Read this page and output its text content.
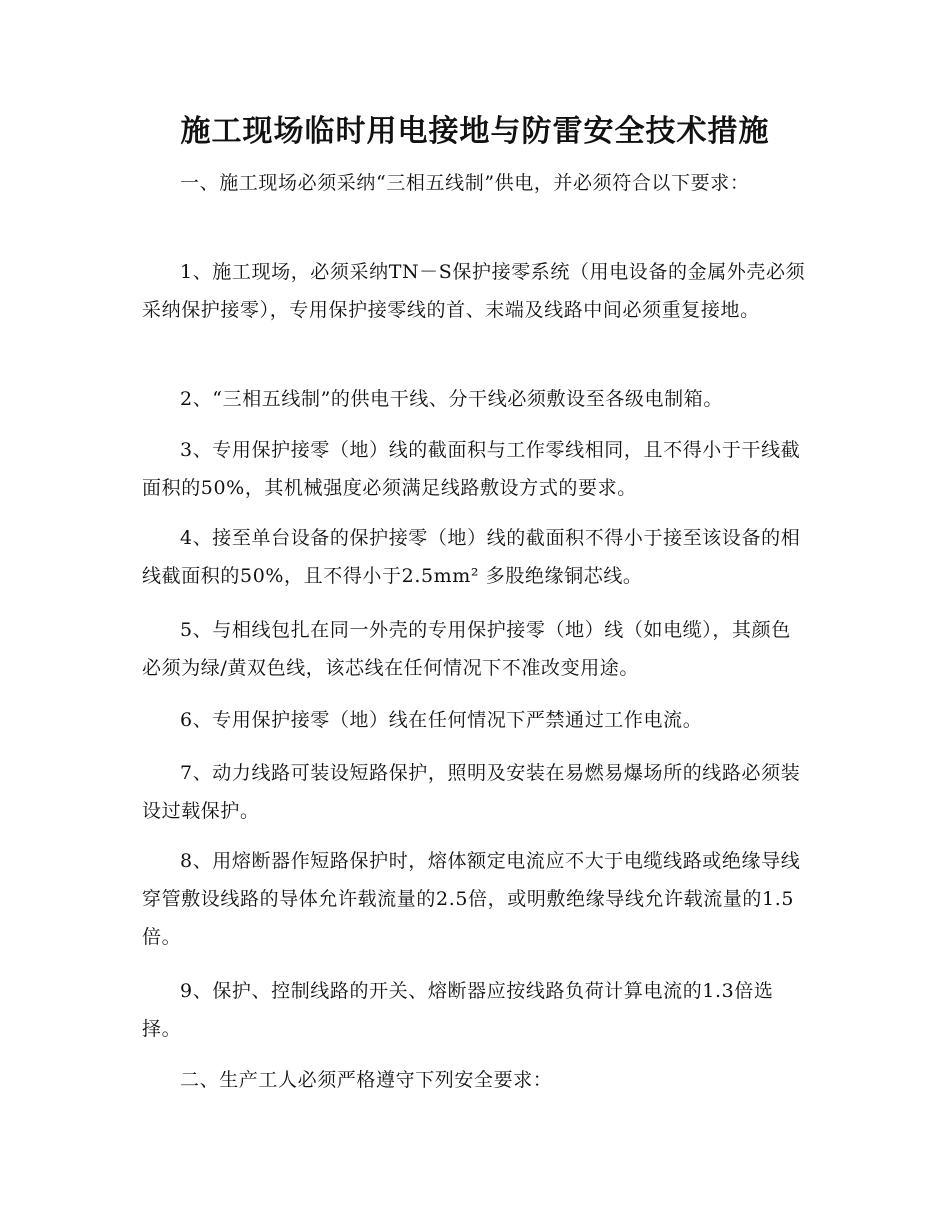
施工现场临时用电接地与防雷安全技术措施

一、施工现场必须采纳“三相五线制”供电，并必须符合以下要求：

1、施工现场，必须采纳TN－S保护接零系统（用电设备的金属外壳必须采纳保护接零），专用保护接零线的首、末端及线路中间必须重复接地。

2、“三相五线制”的供电干线、分干线必须敷设至各级电制箱。

3、专用保护接零（地）线的截面积与工作零线相同，且不得小于干线截面积的50%，其机械强度必须满足线路敷设方式的要求。

4、接至单台设备的保护接零（地）线的截面积不得小于接至该设备的相线截面积的50%，且不得小于2.5mm² 多股绝缘铜芯线。

5、与相线包扎在同一外壳的专用保护接零（地）线（如电缆），其颜色必须为绿/黄双色线，该芯线在任何情况下不准改变用途。

6、专用保护接零（地）线在任何情况下严禁通过工作电流。

7、动力线路可装设短路保护，照明及安装在易燃易爆场所的线路必须装设过载保护。

8、用熔断器作短路保护时，熔体额定电流应不大于电缆线路或绝缘导线穿管敷设线路的导体允许载流量的2.5倍，或明敷绝缘导线允许载流量的1.5倍。

9、保护、控制线路的开关、熔断器应按线路负荷计算电流的1.3倍选择。

二、生产工人必须严格遵守下列安全要求：
